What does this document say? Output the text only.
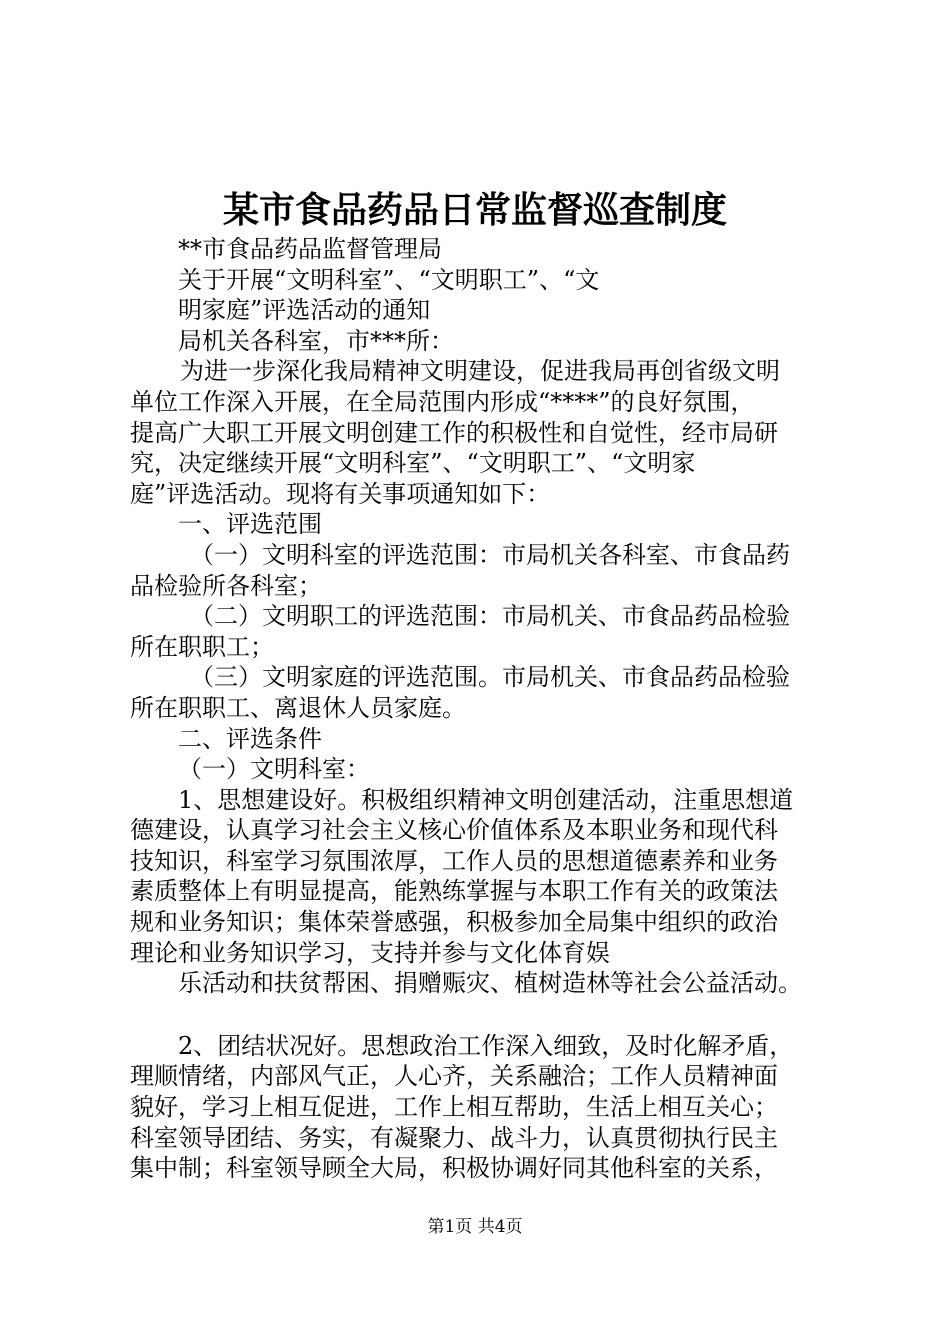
某市食品药品日常监督巡查制度
**市食品药品监督管理局
关于开展“文明科室”、“文明职工”、“文
明家庭”评选活动的通知
局机关各科室，市***所：
为进一步深化我局精神文明建设，促进我局再创省级文明
单位工作深入开展，在全局范围内形成“****”的良好氛围，
提高广大职工开展文明创建工作的积极性和自觉性，经市局研
究，决定继续开展“文明科室”、“文明职工”、“文明家
庭”评选活动。现将有关事项通知如下：
一、评选范围
（一）文明科室的评选范围：市局机关各科室、市食品药
品检验所各科室；
（二）文明职工的评选范围：市局机关、市食品药品检验
所在职职工；
（三）文明家庭的评选范围。市局机关、市食品药品检验
所在职职工、离退休人员家庭。
二、评选条件
（一）文明科室：
1、思想建设好。积极组织精神文明创建活动，注重思想道
德建设，认真学习社会主义核心价值体系及本职业务和现代科
技知识，科室学习氛围浓厚，工作人员的思想道德素养和业务
素质整体上有明显提高，能熟练掌握与本职工作有关的政策法
规和业务知识；集体荣誉感强，积极参加全局集中组织的政治
理论和业务知识学习，支持并参与文化体育娱
乐活动和扶贫帮困、捐赠赈灾、植树造林等社会公益活动。
2、团结状况好。思想政治工作深入细致，及时化解矛盾，
理顺情绪，内部风气正，人心齐，关系融洽；工作人员精神面
貌好，学习上相互促进，工作上相互帮助，生活上相互关心；
科室领导团结、务实，有凝聚力、战斗力，认真贯彻执行民主
集中制；科室领导顾全大局，积极协调好同其他科室的关系，
第1页 共4页
